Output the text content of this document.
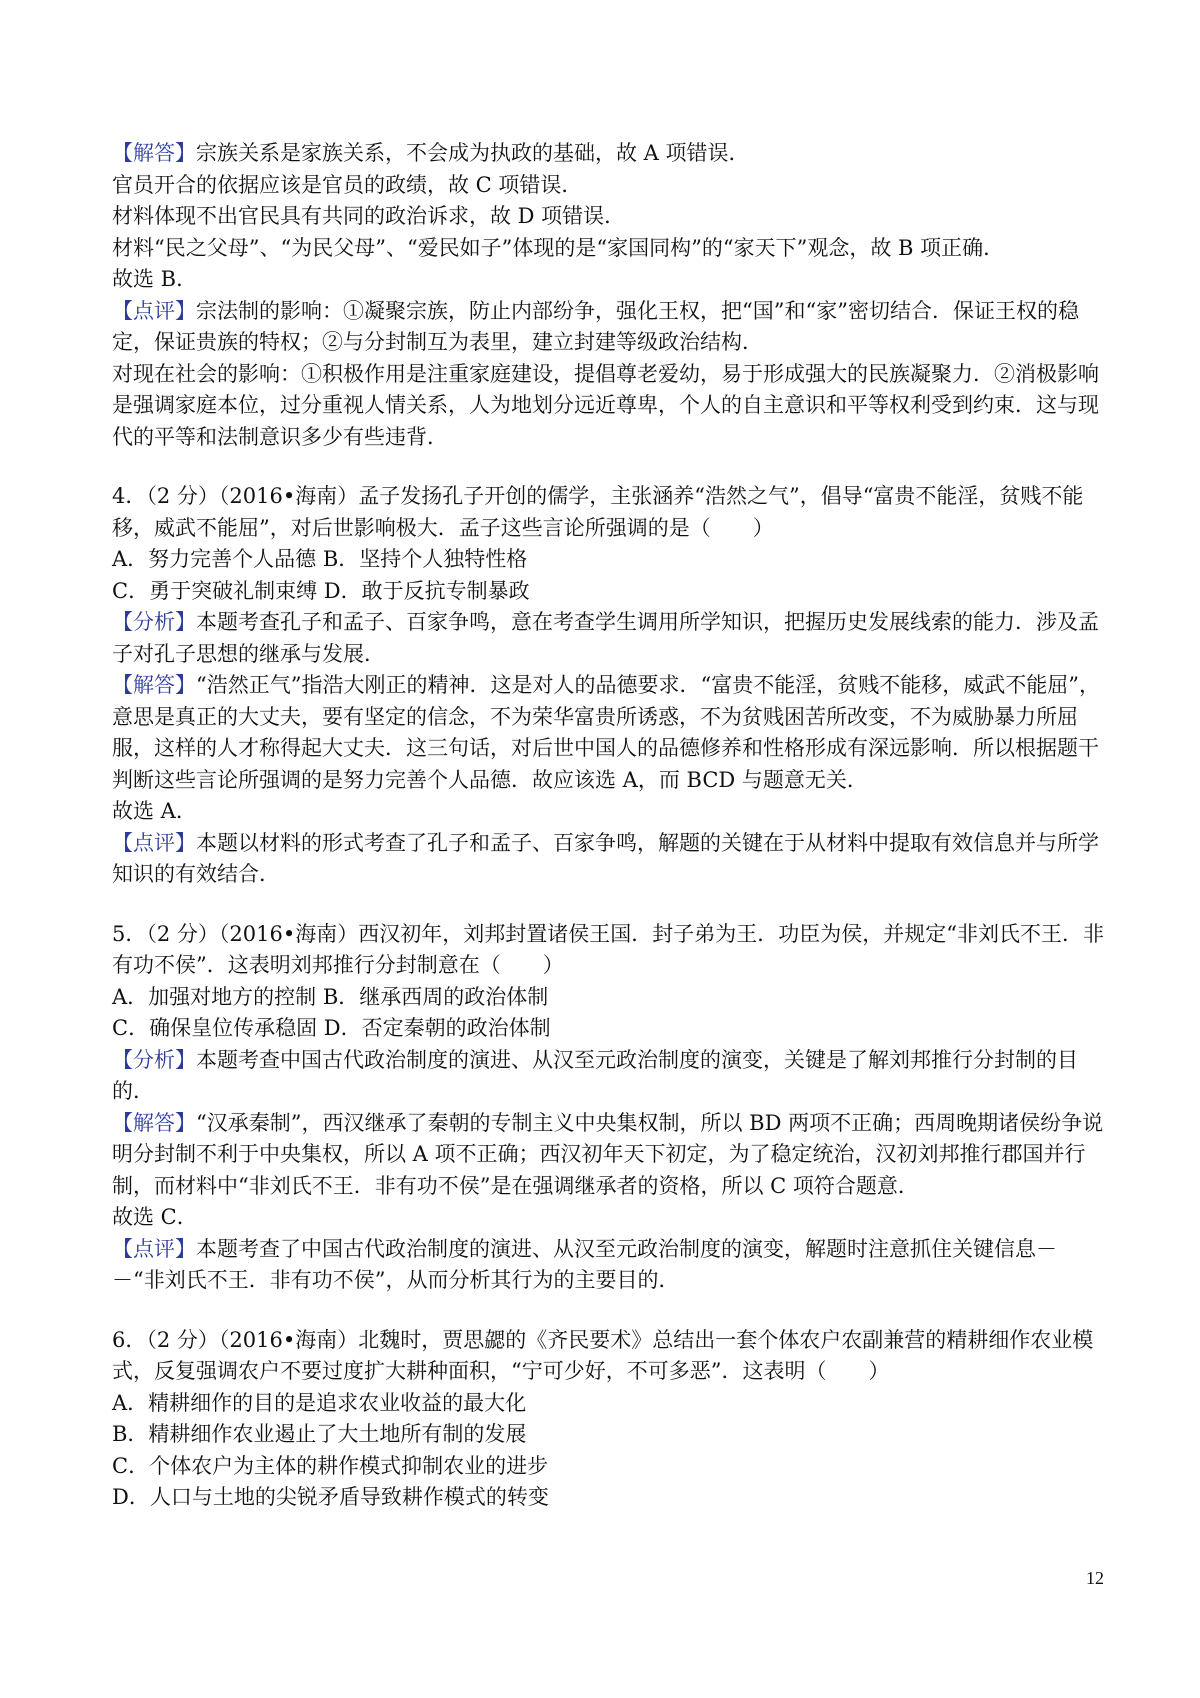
【解答】宗族关系是家族关系，不会成为执政的基础，故 A 项错误．

官员开合的依据应该是官员的政绩，故 C 项错误．

材料体现不出官民具有共同的政治诉求，故 D 项错误．

材料“民之父母”、“为民父母”、“爱民如子”体现的是“家国同构”的“家天下”观念，故 B 项正确．

故选 B．

【点评】宗法制的影响：①凝聚宗族，防止内部纷争，强化王权，把“国”和“家”密切结合．保证王权的稳定，保证贵族的特权；②与分封制互为表里，建立封建等级政治结构．

对现在社会的影响：①积极作用是注重家庭建设，提倡尊老爱幼，易于形成强大的民族凝聚力．②消极影响是强调家庭本位，过分重视人情关系，人为地划分远近尊卑，个人的自主意识和平等权利受到约束．这与现代的平等和法制意识多少有些违背．

4．（2 分）（2016•海南）孟子发扬孔子开创的儒学，主张涵养“浩然之气”，倡导“富贵不能淫，贫贱不能移，威武不能屈”，对后世影响极大．孟子这些言论所强调的是（　　）

A．努力完善个人品德 B．坚持个人独特性格

C．勇于突破礼制束缚 D．敢于反抗专制暴政

【分析】本题考查孔子和孟子、百家争鸣，意在考查学生调用所学知识，把握历史发展线索的能力．涉及孟子对孔子思想的继承与发展．

【解答】“浩然正气”指浩大刚正的精神．这是对人的品德要求．“富贵不能淫，贫贱不能移，威武不能屈”，意思是真正的大丈夫，要有坚定的信念，不为荣华富贵所诱惑，不为贫贱困苦所改变，不为威胁暴力所屈服，这样的人才称得起大丈夫．这三句话，对后世中国人的品德修养和性格形成有深远影响．所以根据题干判断这些言论所强调的是努力完善个人品德．故应该选 A，而 BCD 与题意无关．

故选 A．

【点评】本题以材料的形式考查了孔子和孟子、百家争鸣，解题的关键在于从材料中提取有效信息并与所学知识的有效结合．

5．（2 分）（2016•海南）西汉初年，刘邦封置诸侯王国．封子弟为王．功臣为侯，并规定“非刘氏不王．非有功不侯”．这表明刘邦推行分封制意在（　　）

A．加强对地方的控制 B．继承西周的政治体制

C．确保皇位传承稳固 D．否定秦朝的政治体制

【分析】本题考查中国古代政治制度的演进、从汉至元政治制度的演变，关键是了解刘邦推行分封制的目的．

【解答】“汉承秦制”，西汉继承了秦朝的专制主义中央集权制，所以 BD 两项不正确；西周晚期诸侯纷争说明分封制不利于中央集权，所以 A 项不正确；西汉初年天下初定，为了稳定统治，汉初刘邦推行郡国并行制，而材料中“非刘氏不王．非有功不侯”是在强调继承者的资格，所以 C 项符合题意．

故选 C．

【点评】本题考查了中国古代政治制度的演进、从汉至元政治制度的演变，解题时注意抓住关键信息－－“非刘氏不王．非有功不侯”，从而分析其行为的主要目的．

6．（2 分）（2016•海南）北魏时，贾思勰的《齐民要术》总结出一套个体农户农副兼营的精耕细作农业模式，反复强调农户不要过度扩大耕种面积，“宁可少好，不可多恶”．这表明（　　）

A．精耕细作的目的是追求农业收益的最大化

B．精耕细作农业遏止了大土地所有制的发展

C．个体农户为主体的耕作模式抑制农业的进步

D．人口与土地的尖锐矛盾导致耕作模式的转变

12
